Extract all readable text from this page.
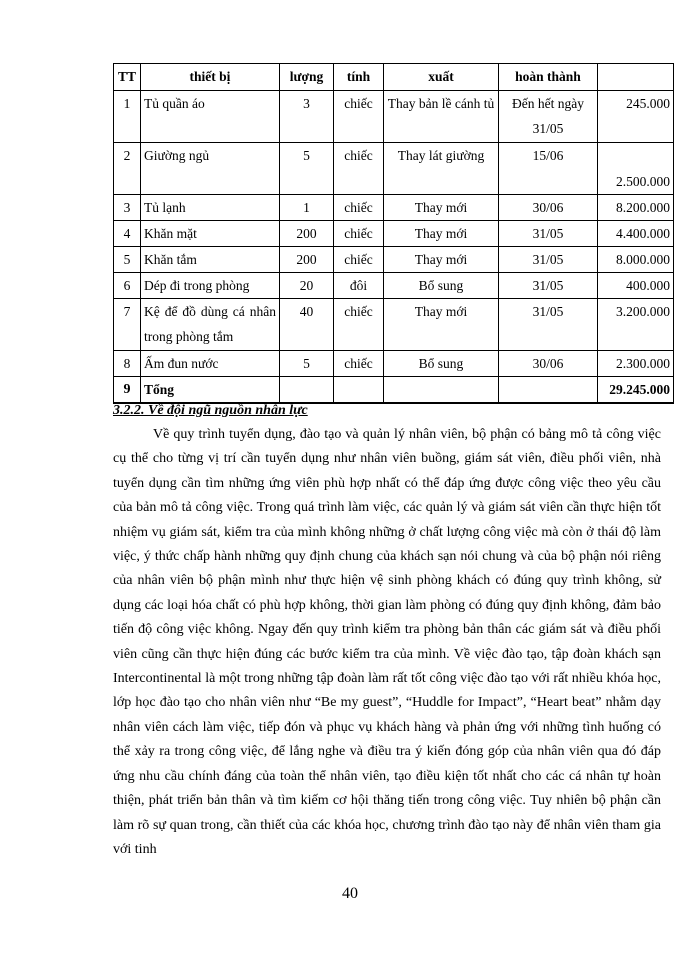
TT	thiết bị	lượng	tính	xuất	hoàn thành	
1	Tủ quần áo	3	chiếc	Thay bản lề cánh tủ	Đến hết ngày 31/05	245.000
2	Giường ngủ	5	chiếc	Thay lát giường	15/06	2.500.000
3	Tủ lạnh	1	chiếc	Thay mới	30/06	8.200.000
4	Khăn mặt	200	chiếc	Thay mới	31/05	4.400.000
5	Khăn tắm	200	chiếc	Thay mới	31/05	8.000.000
6	Dép đi trong phòng	20	đôi	Bổ sung	31/05	400.000
7	Kệ để đồ dùng cá nhân trong phòng tắm	40	chiếc	Thay mới	31/05	3.200.000
8	Ấm đun nước	5	chiếc	Bổ sung	30/06	2.300.000
9	Tổng					29.245.000
3.2.2. Về đội ngũ nguồn nhân lực

Về quy trình tuyển dụng, đào tạo và quản lý nhân viên, bộ phận có bảng mô tả công việc cụ thể cho từng vị trí cần tuyển dụng như nhân viên buồng, giám sát viên, điều phối viên, nhà tuyển dụng cần tìm những ứng viên phù hợp nhất có thể đáp ứng được công việc theo yêu cầu của bản mô tả công việc. Trong quá trình làm việc, các quản lý và giám sát viên cần thực hiện tốt nhiệm vụ giám sát, kiểm tra của mình không những ở chất lượng công việc mà còn ở thái độ làm việc, ý thức chấp hành những quy định chung của khách sạn nói chung và của bộ phận nói riêng của nhân viên bộ phận mình như thực hiện vệ sinh phòng khách có đúng quy trình không, sử dụng các loại hóa chất có phù hợp không, thời gian làm phòng có đúng quy định không, đảm bảo tiến độ công việc không. Ngay đến quy trình kiểm tra phòng bản thân các giám sát và điều phối viên cũng cần thực hiện đúng các bước kiểm tra của mình. Về việc đào tạo, tập đoàn khách sạn Intercontinental là một trong những tập đoàn làm rất tốt công việc đào tạo với rất nhiều khóa học, lớp học đào tạo cho nhân viên như “Be my guest”, “Huddle for Impact”, “Heart beat” nhằm dạy nhân viên cách làm việc, tiếp đón và phục vụ khách hàng và phản ứng với những tình huống có thể xảy ra trong công việc, để lắng nghe và điều tra ý kiến đóng góp của nhân viên qua đó đáp ứng nhu cầu chính đáng của toàn thể nhân viên, tạo điều kiện tốt nhất cho các cá nhân tự hoàn thiện, phát triển bản thân và tìm kiếm cơ hội thăng tiến trong công việc. Tuy nhiên bộ phận cần làm rõ sự quan trong, cần thiết của các khóa học, chương trình đào tạo này để nhân viên tham gia với tinh

40
